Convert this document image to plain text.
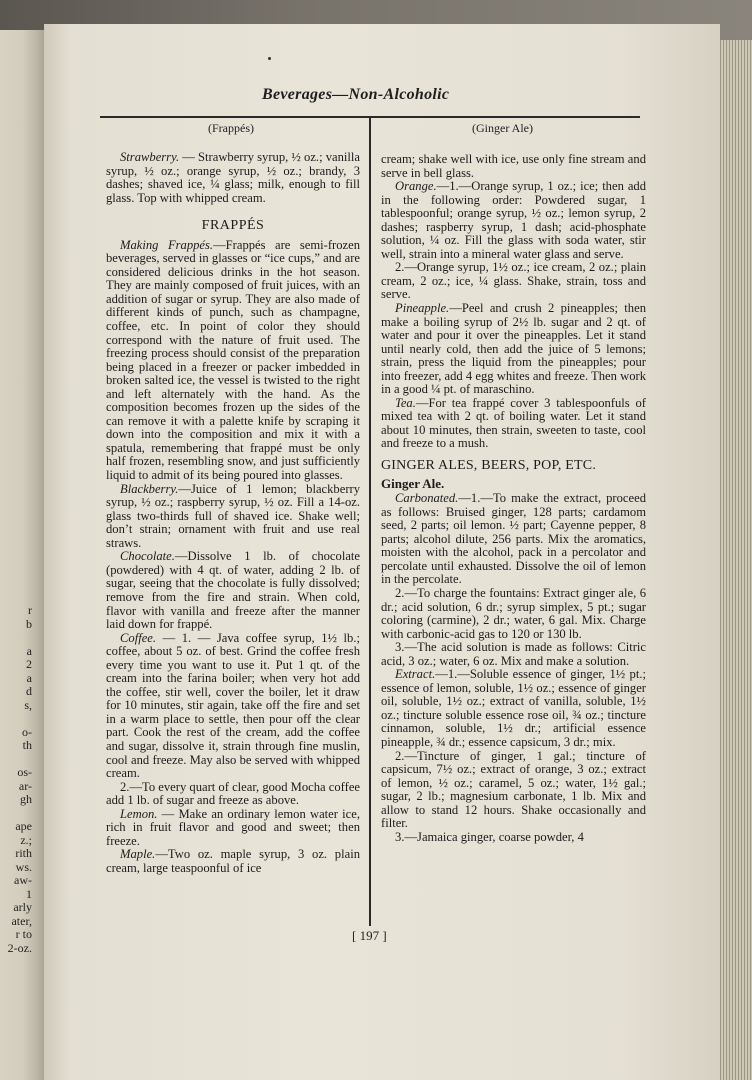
r
b
a
2
a
d
s,
o-
th
os-
ar-
gh
ape
z.;
rith
ws.
aw-
1
arly
ater,
r to
2-oz.
Beverages—Non-Alcoholic
(Frappés)	(Ginger Ale)

Strawberry. — Strawberry syrup, ½ oz.; vanilla syrup, ½ oz.; orange syrup, ½ oz.; brandy, 3 dashes; shaved ice, ¼ glass; milk, enough to fill glass. Top with whipped cream.

FRAPPÉS

Making Frappés.—Frappés are semi-frozen beverages, served in glasses or “ice cups,” and are considered delicious drinks in the hot season. They are mainly composed of fruit juices, with an addition of sugar or syrup. They are also made of different kinds of punch, such as champagne, coffee, etc. In point of color they should correspond with the nature of fruit used. The freezing process should consist of the preparation being placed in a freezer or packer imbedded in broken salted ice, the vessel is twisted to the right and left alternately with the hand. As the composition becomes frozen up the sides of the can remove it with a palette knife by scraping it down into the composition and mix it with a spatula, remembering that frappé must be only half frozen, resembling snow, and just sufficiently liquid to admit of its being poured into glasses.

Blackberry.—Juice of 1 lemon; blackberry syrup, ½ oz.; raspberry syrup, ½ oz. Fill a 14-oz. glass two-thirds full of shaved ice. Shake well; don’t strain; ornament with fruit and use real straws.

Chocolate.—Dissolve 1 lb. of chocolate (powdered) with 4 qt. of water, adding 2 lb. of sugar, seeing that the chocolate is fully dissolved; remove from the fire and strain. When cold, flavor with vanilla and freeze after the manner laid down for frappé.

Coffee. — 1. — Java coffee syrup, 1½ lb.; coffee, about 5 oz. of best. Grind the coffee fresh every time you want to use it. Put 1 qt. of the cream into the farina boiler; when very hot add the coffee, stir well, cover the boiler, let it draw for 10 minutes, stir again, take off the fire and set in a warm place to settle, then pour off the clear part. Cook the rest of the cream, add the coffee and sugar, dissolve it, strain through fine muslin, cool and freeze. May also be served with whipped cream.

2.—To every quart of clear, good Mocha coffee add 1 lb. of sugar and freeze as above.

Lemon. — Make an ordinary lemon water ice, rich in fruit flavor and good and sweet; then freeze.

Maple.—Two oz. maple syrup, 3 oz. plain cream, large teaspoonful of ice

cream; shake well with ice, use only fine stream and serve in bell glass.

Orange.—1.—Orange syrup, 1 oz.; ice; then add in the following order: Powdered sugar, 1 tablespoonful; orange syrup, ½ oz.; lemon syrup, 2 dashes; raspberry syrup, 1 dash; acid-phosphate solution, ¼ oz. Fill the glass with soda water, stir well, strain into a mineral water glass and serve.

2.—Orange syrup, 1½ oz.; ice cream, 2 oz.; plain cream, 2 oz.; ice, ¼ glass. Shake, strain, toss and serve.

Pineapple.—Peel and crush 2 pineapples; then make a boiling syrup of 2½ lb. sugar and 2 qt. of water and pour it over the pineapples. Let it stand until nearly cold, then add the juice of 5 lemons; strain, press the liquid from the pineapples; pour into freezer, add 4 egg whites and freeze. Then work in a good ¼ pt. of maraschino.

Tea.—For tea frappé cover 3 tablespoonfuls of mixed tea with 2 qt. of boiling water. Let it stand about 10 minutes, then strain, sweeten to taste, cool and freeze to a mush.

GINGER ALES, BEERS, POP, ETC.
Ginger Ale.

Carbonated.—1.—To make the extract, proceed as follows: Bruised ginger, 128 parts; cardamom seed, 2 parts; oil lemon. ½ part; Cayenne pepper, 8 parts; alcohol dilute, 256 parts. Mix the aromatics, moisten with the alcohol, pack in a percolator and percolate until exhausted. Dissolve the oil of lemon in the percolate.

2.—To charge the fountains: Extract ginger ale, 6 dr.; acid solution, 6 dr.; syrup simplex, 5 pt.; sugar coloring (carmine), 2 dr.; water, 6 gal. Mix. Charge with carbonic-acid gas to 120 or 130 lb.

3.—The acid solution is made as follows: Citric acid, 3 oz.; water, 6 oz. Mix and make a solution.

Extract.—1.—Soluble essence of ginger, 1½ pt.; essence of lemon, soluble, 1½ oz.; essence of ginger oil, soluble, 1½ oz.; extract of vanilla, soluble, 1½ oz.; tincture soluble essence rose oil, ¾ oz.; tincture cinnamon, soluble, 1½ dr.; artificial essence pineapple, ¾ dr.; essence capsicum, 3 dr.; mix.

2.—Tincture of ginger, 1 gal.; tincture of capsicum, 7½ oz.; extract of orange, 3 oz.; extract of lemon, ½ oz.; caramel, 5 oz.; water, 1½ gal.; sugar, 2 lb.; magnesium carbonate, 1 lb. Mix and allow to stand 12 hours. Shake occasionally and filter.

3.—Jamaica ginger, coarse powder, 4

[ 197 ]
